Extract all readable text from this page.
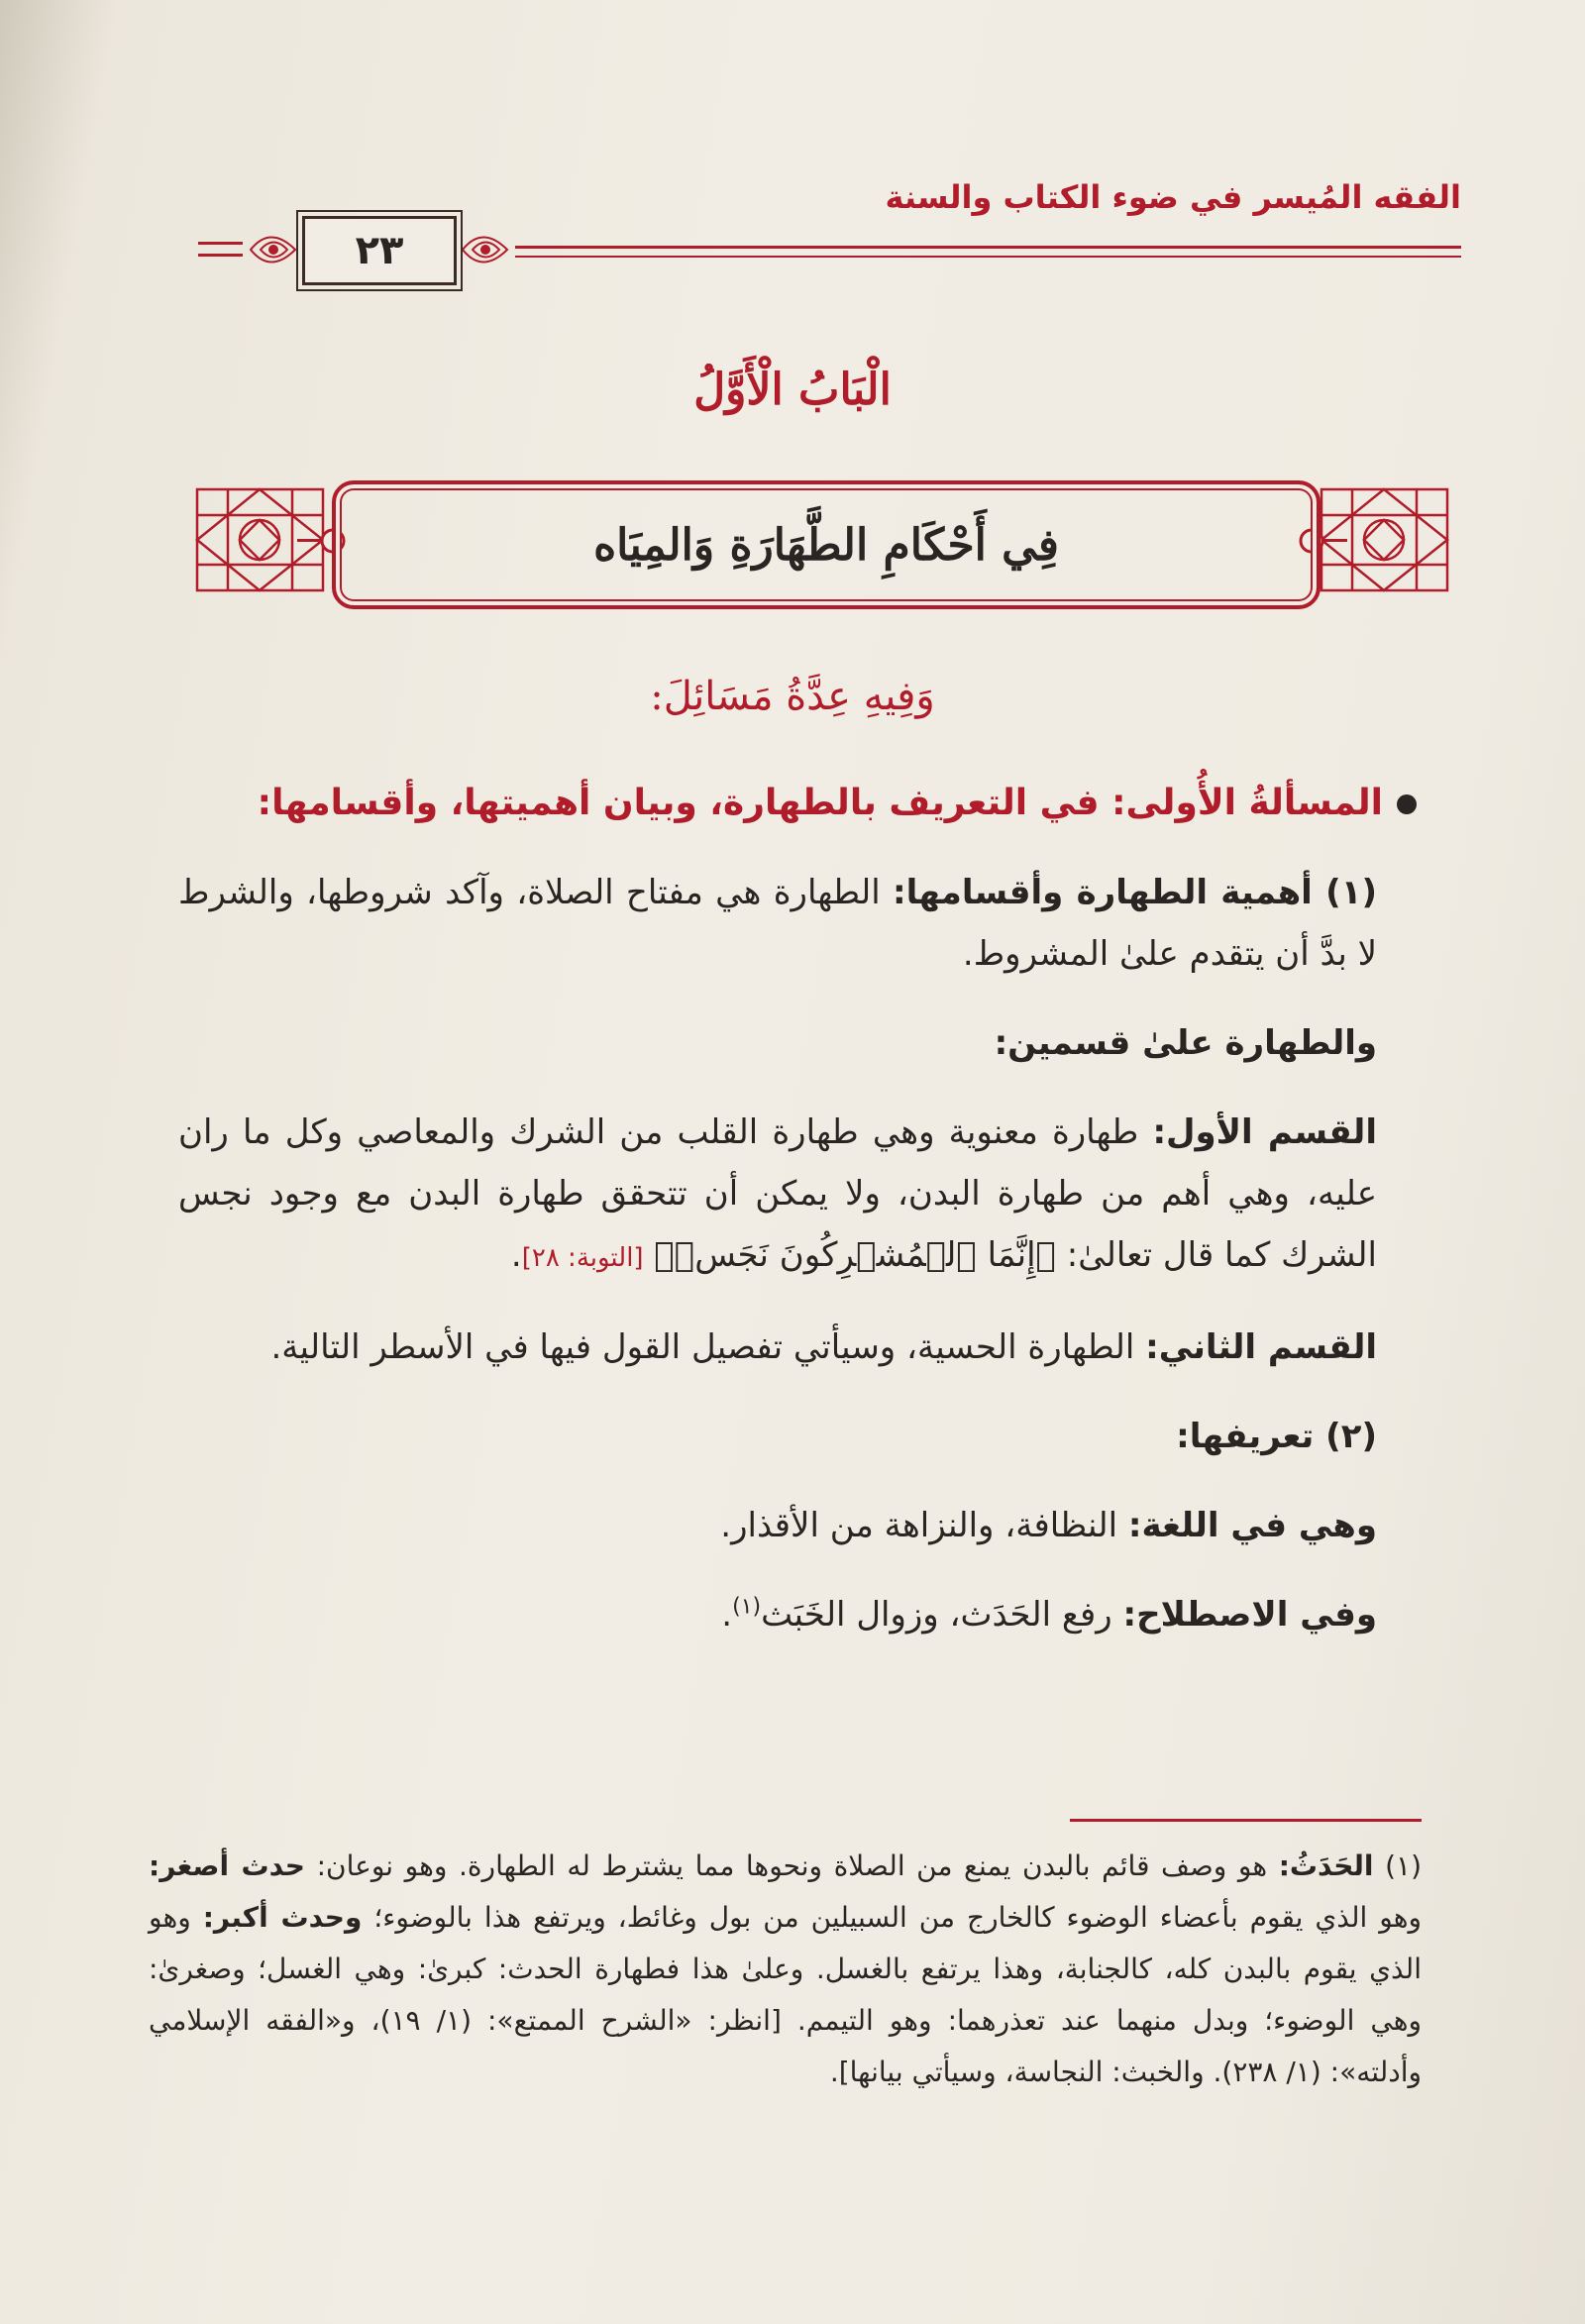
الفقه المُيسر في ضوء الكتاب والسنة
٢٣
الْبَابُ الْأَوَّلُ
فِي أَحْكَامِ الطَّهَارَةِ وَالمِيَاه
وَفِيهِ عِدَّةُ مَسَائِلَ:

المسألةُ الأُولى: في التعريف بالطهارة، وبيان أهميتها، وأقسامها:

(١) أهمية الطهارة وأقسامها: الطهارة هي مفتاح الصلاة، وآكد شروطها، والشرط لا بدَّ أن يتقدم علىٰ المشروط.

والطهارة علىٰ قسمين:

القسم الأول: طهارة معنوية وهي طهارة القلب من الشرك والمعاصي وكل ما ران عليه، وهي أهم من طهارة البدن، ولا يمكن أن تتحقق طهارة البدن مع وجود نجس الشرك كما قال تعالىٰ: ﴿إِنَّمَا ٱلۡمُشۡرِكُونَ نَجَسٞ﴾ [التوبة: ٢٨].

القسم الثاني: الطهارة الحسية، وسيأتي تفصيل القول فيها في الأسطر التالية.

(٢) تعريفها:

وهي في اللغة: النظافة، والنزاهة من الأقذار.

وفي الاصطلاح: رفع الحَدَث، وزوال الخَبَث$^{(١)}$.

(١) الحَدَثُ: هو وصف قائم بالبدن يمنع من الصلاة ونحوها مما يشترط له الطهارة. وهو نوعان: حدث أصغر: وهو الذي يقوم بأعضاء الوضوء كالخارج من السبيلين من بول وغائط، ويرتفع هذا بالوضوء؛ وحدث أكبر: وهو الذي يقوم بالبدن كله، كالجنابة، وهذا يرتفع بالغسل. وعلىٰ هذا فطهارة الحدث: كبرىٰ: وهي الغسل؛ وصغرىٰ: وهي الوضوء؛ وبدل منهما عند تعذرهما: وهو التيمم. [انظر: «الشرح الممتع»: (١/ ١٩)، و«الفقه الإسلامي وأدلته»: (١/ ٢٣٨). والخبث: النجاسة، وسيأتي بيانها].
